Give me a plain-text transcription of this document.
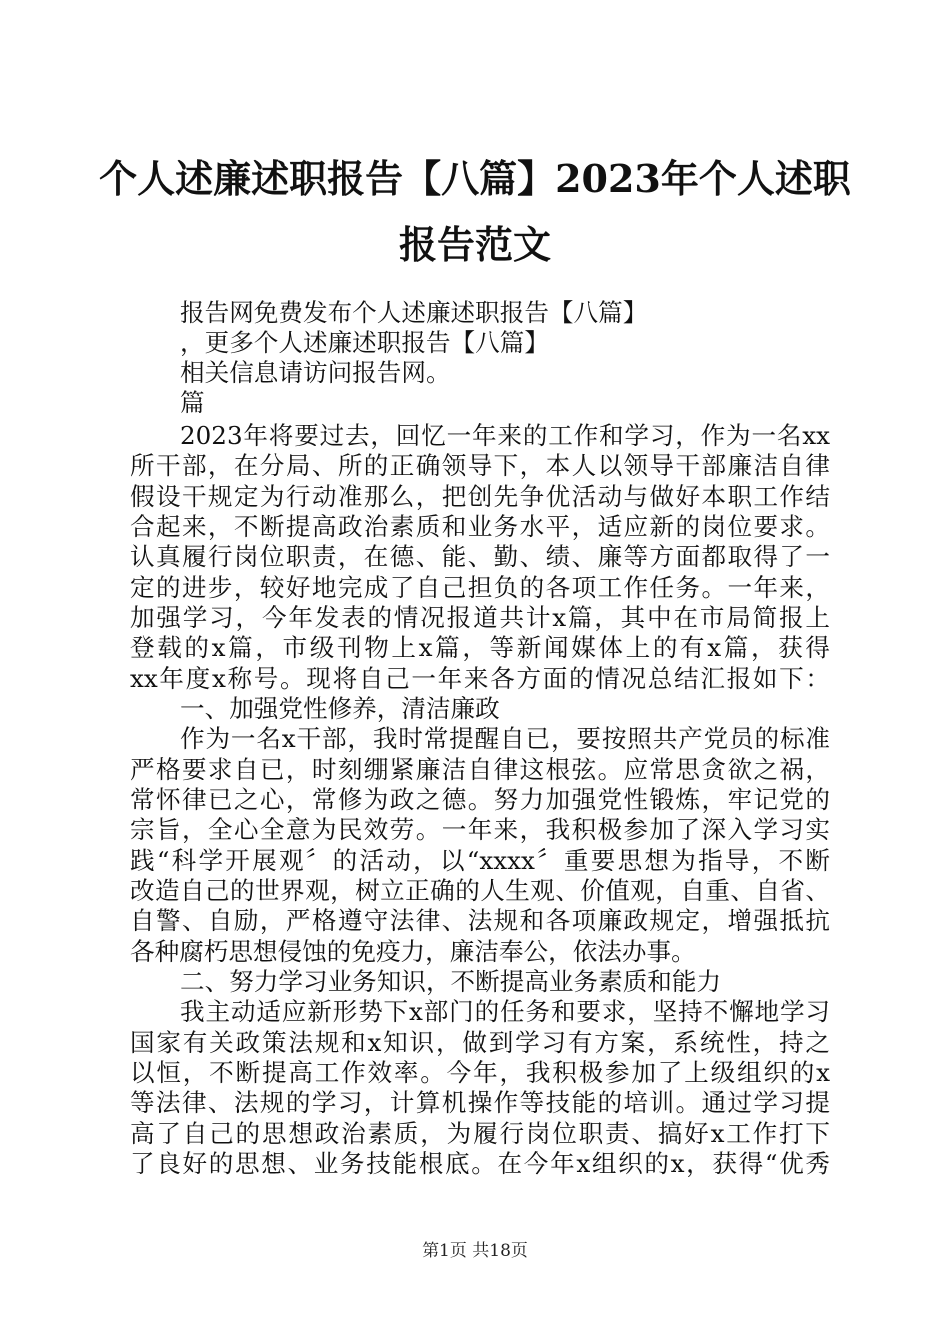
个人述廉述职报告【八篇】2023年个人述职
报告范文
报告网免费发布个人述廉述职报告【八篇】
，更多个人述廉述职报告【八篇】
相关信息请访问报告网。
篇
2023年将要过去，回忆一年来的工作和学习，作为一名xx
所干部，在分局、所的正确领导下，本人以领导干部廉洁自律
假设干规定为行动准那么，把创先争优活动与做好本职工作结
合起来，不断提高政治素质和业务水平，适应新的岗位要求。
认真履行岗位职责，在德、能、勤、绩、廉等方面都取得了一
定的进步，较好地完成了自己担负的各项工作任务。一年来，
加强学习，今年发表的情况报道共计x篇，其中在市局简报上
登载的x篇，市级刊物上x篇，等新闻媒体上的有x篇，获得
xx年度x称号。现将自己一年来各方面的情况总结汇报如下：
一、加强党性修养，清洁廉政
作为一名x干部，我时常提醒自已，要按照共产党员的标准
严格要求自已，时刻绷紧廉洁自律这根弦。应常思贪欲之祸，
常怀律已之心，常修为政之德。努力加强党性锻炼，牢记党的
宗旨，全心全意为民效劳。一年来，我积极参加了深入学习实
践“科学开展观〞的活动，以“xxxx〞重要思想为指导，不断
改造自己的世界观，树立正确的人生观、价值观，自重、自省、
自警、自励，严格遵守法律、法规和各项廉政规定，增强抵抗
各种腐朽思想侵蚀的免疫力，廉洁奉公，依法办事。
二、努力学习业务知识，不断提高业务素质和能力
我主动适应新形势下x部门的任务和要求，坚持不懈地学习
国家有关政策法规和x知识，做到学习有方案，系统性，持之
以恒，不断提高工作效率。今年，我积极参加了上级组织的x
等法律、法规的学习，计算机操作等技能的培训。通过学习提
高了自己的思想政治素质，为履行岗位职责、搞好x工作打下
了良好的思想、业务技能根底。在今年x组织的x，获得“优秀
第1页 共18页
